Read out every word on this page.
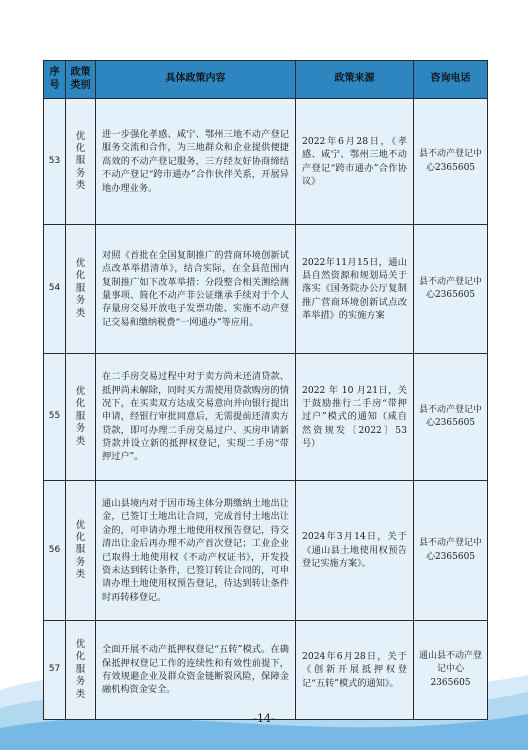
序号	政策类别	具体政策内容	政策来源	咨询电话
53	优化服务类	进一步强化孝感、咸宁、鄂州三地不动产登记服务交流和合作，为三地群众和企业提供便捷高效的不动产登记服务，三方经友好协商缔结不动产登记“跨市通办”合作伙伴关系，开展异地办理业务。	2022年6月28日，《孝感、咸宁、鄂州三地不动产登记“跨市通办”合作协议》	县不动产登记中心2365605
54	优化服务类	对照《首批在全国复制推广的营商环境创新试点改革举措清单》，结合实际，在全县范围内复制推广如下改革举措：分段整合相关测绘测量事项、简化不动产非公证继承手续对于个人存量房交易开放电子发票功能、实施不动产登记交易和缴纳税费“一网通办”等应用。	2022年11月15日，通山县自然资源和规划局关于落实《国务院办公厅复制推广营商环境创新试点改革举措》的实施方案	县不动产登记中心2365605
55	优化服务类	在二手房交易过程中对于卖方尚未还清贷款、抵押尚未解除，同时买方需使用贷款购房的情况下，在买卖双方达成交易意向并向银行提出申请，经银行审批同意后，无需提前还清卖方贷款，即可办理二手房交易过户、买房申请新贷款并设立新的抵押权登记，实现二手房“带押过户”。	2022 年 10 月21日，关于鼓励推行二手房“带押过户”模式的通知（咸自然资规发〔2022〕53 号）	县不动产登记中心2365605
56	优化服务类	通山县境内对于因市场主体分期缴纳土地出让金，已签订土地出让合同，完成首付土地出让金的，可申请办理土地使用权预告登记，待交清出让金后再办理不动产首次登记；工业企业已取得土地使用权《不动产权证书》，开发投资未达到转让条件，已签订转让合同的，可申请办理土地使用权预告登记，待达到转让条件时再转移登记。	2024年3月14日，关于《通山县土地使用权预告登记实施方案》。	县不动产登记中心2365605
57	优化服务类	全面开展不动产抵押权登记“五转”模式。在确保抵押权登记工作的连续性和有效性前提下，有效规避企业及群众资金链断裂风险，保障金融机构资金安全。	2024年6月28日，关于《创新开展抵押权登记“五转”模式的通知》。	通山县不动产登记中心2365605
-14-
